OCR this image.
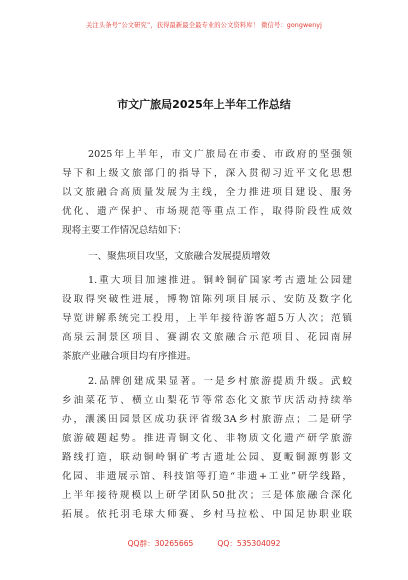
关注头条号“公文研究”，获得最新最全最专业的公文资料库！ 微信号：gongwenyj
市文广旅局2025年上半年工作总结
2025年上半年，市文广旅局在市委、市政府的坚强领
导下和上级文旅部门的指导下，深入贯彻习近平文化思想
以文旅融合高质量发展为主线，全力推进项目建设、服务
优化、遗产保护、市场规范等重点工作，取得阶段性成效
现将主要工作情况总结如下：
一、聚焦项目攻坚，文旅融合发展提质增效
1.重大项目加速推进。铜岭铜矿国家考古遗址公园建
设取得突破性进展，博物馆陈列项目展示、安防及数字化
导览讲解系统完工投用，上半年接待游客超5万人次；范镇
高泉云洞景区项目、赛湖农文旅融合示范项目、花园南屏
茶旅产业融合项目均有序推进。
2.品牌创建成果显著。一是乡村旅游提质升级。武蛟
乡油菜花节、横立山梨花节等常态化文旅节庆活动持续举
办，瀼溪田园景区成功获评省级3A乡村旅游点；二是研学
旅游破题起势。推进青铜文化、非物质文化遗产研学旅游
路线打造，联动铜岭铜矿考古遗址公园、夏畈铜源剪影文
化园、非遗展示馆、科技馆等打造“非遗+工业”研学线路，
上半年接待规模以上研学团队50批次；三是体旅融合深化
拓展。依托羽毛球大师赛、乡村马拉松、中国足协职业联
QQ群：30265665	QQ：535304092
